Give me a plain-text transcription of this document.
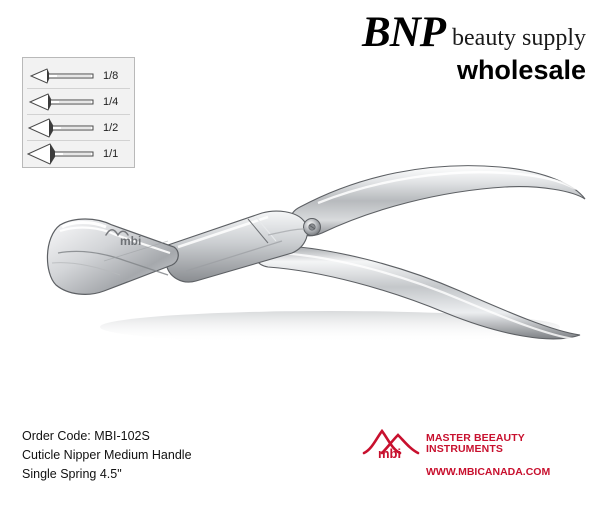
BNP beauty supply
wholesale
1/8
1/4
1/2
1/1
mbi
Order Code: MBI-102S
Cuticle Nipper Medium Handle
Single Spring 4.5"
mbi
MASTER BEEAUTY
INSTRUMENTS
WWW.MBICANADA.COM
